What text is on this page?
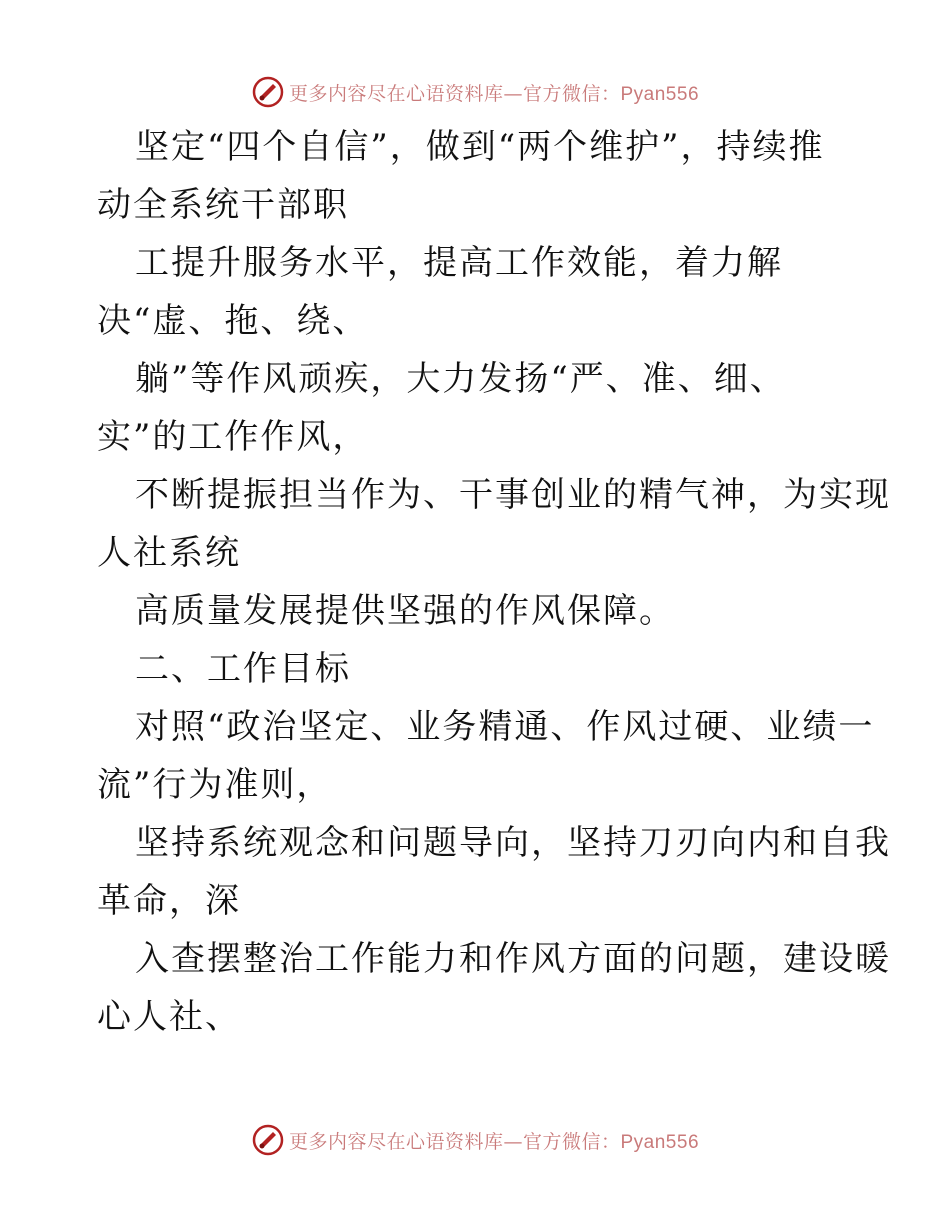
更多内容尽在心语资料库—官方微信：Pyan556
坚定“四个自信”，做到“两个维护”，持续推
动全系统干部职
工提升服务水平，提高工作效能，着力解
决“虚、拖、绕、
躺”等作风顽疾，大力发扬“严、准、细、
实”的工作作风，
不断提振担当作为、干事创业的精气神，为实现
人社系统
高质量发展提供坚强的作风保障。
二、工作目标
对照“政治坚定、业务精通、作风过硬、业绩一
流”行为准则，
坚持系统观念和问题导向，坚持刀刃向内和自我
革命，深
入查摆整治工作能力和作风方面的问题，建设暖
心人社、
更多内容尽在心语资料库—官方微信：Pyan556
